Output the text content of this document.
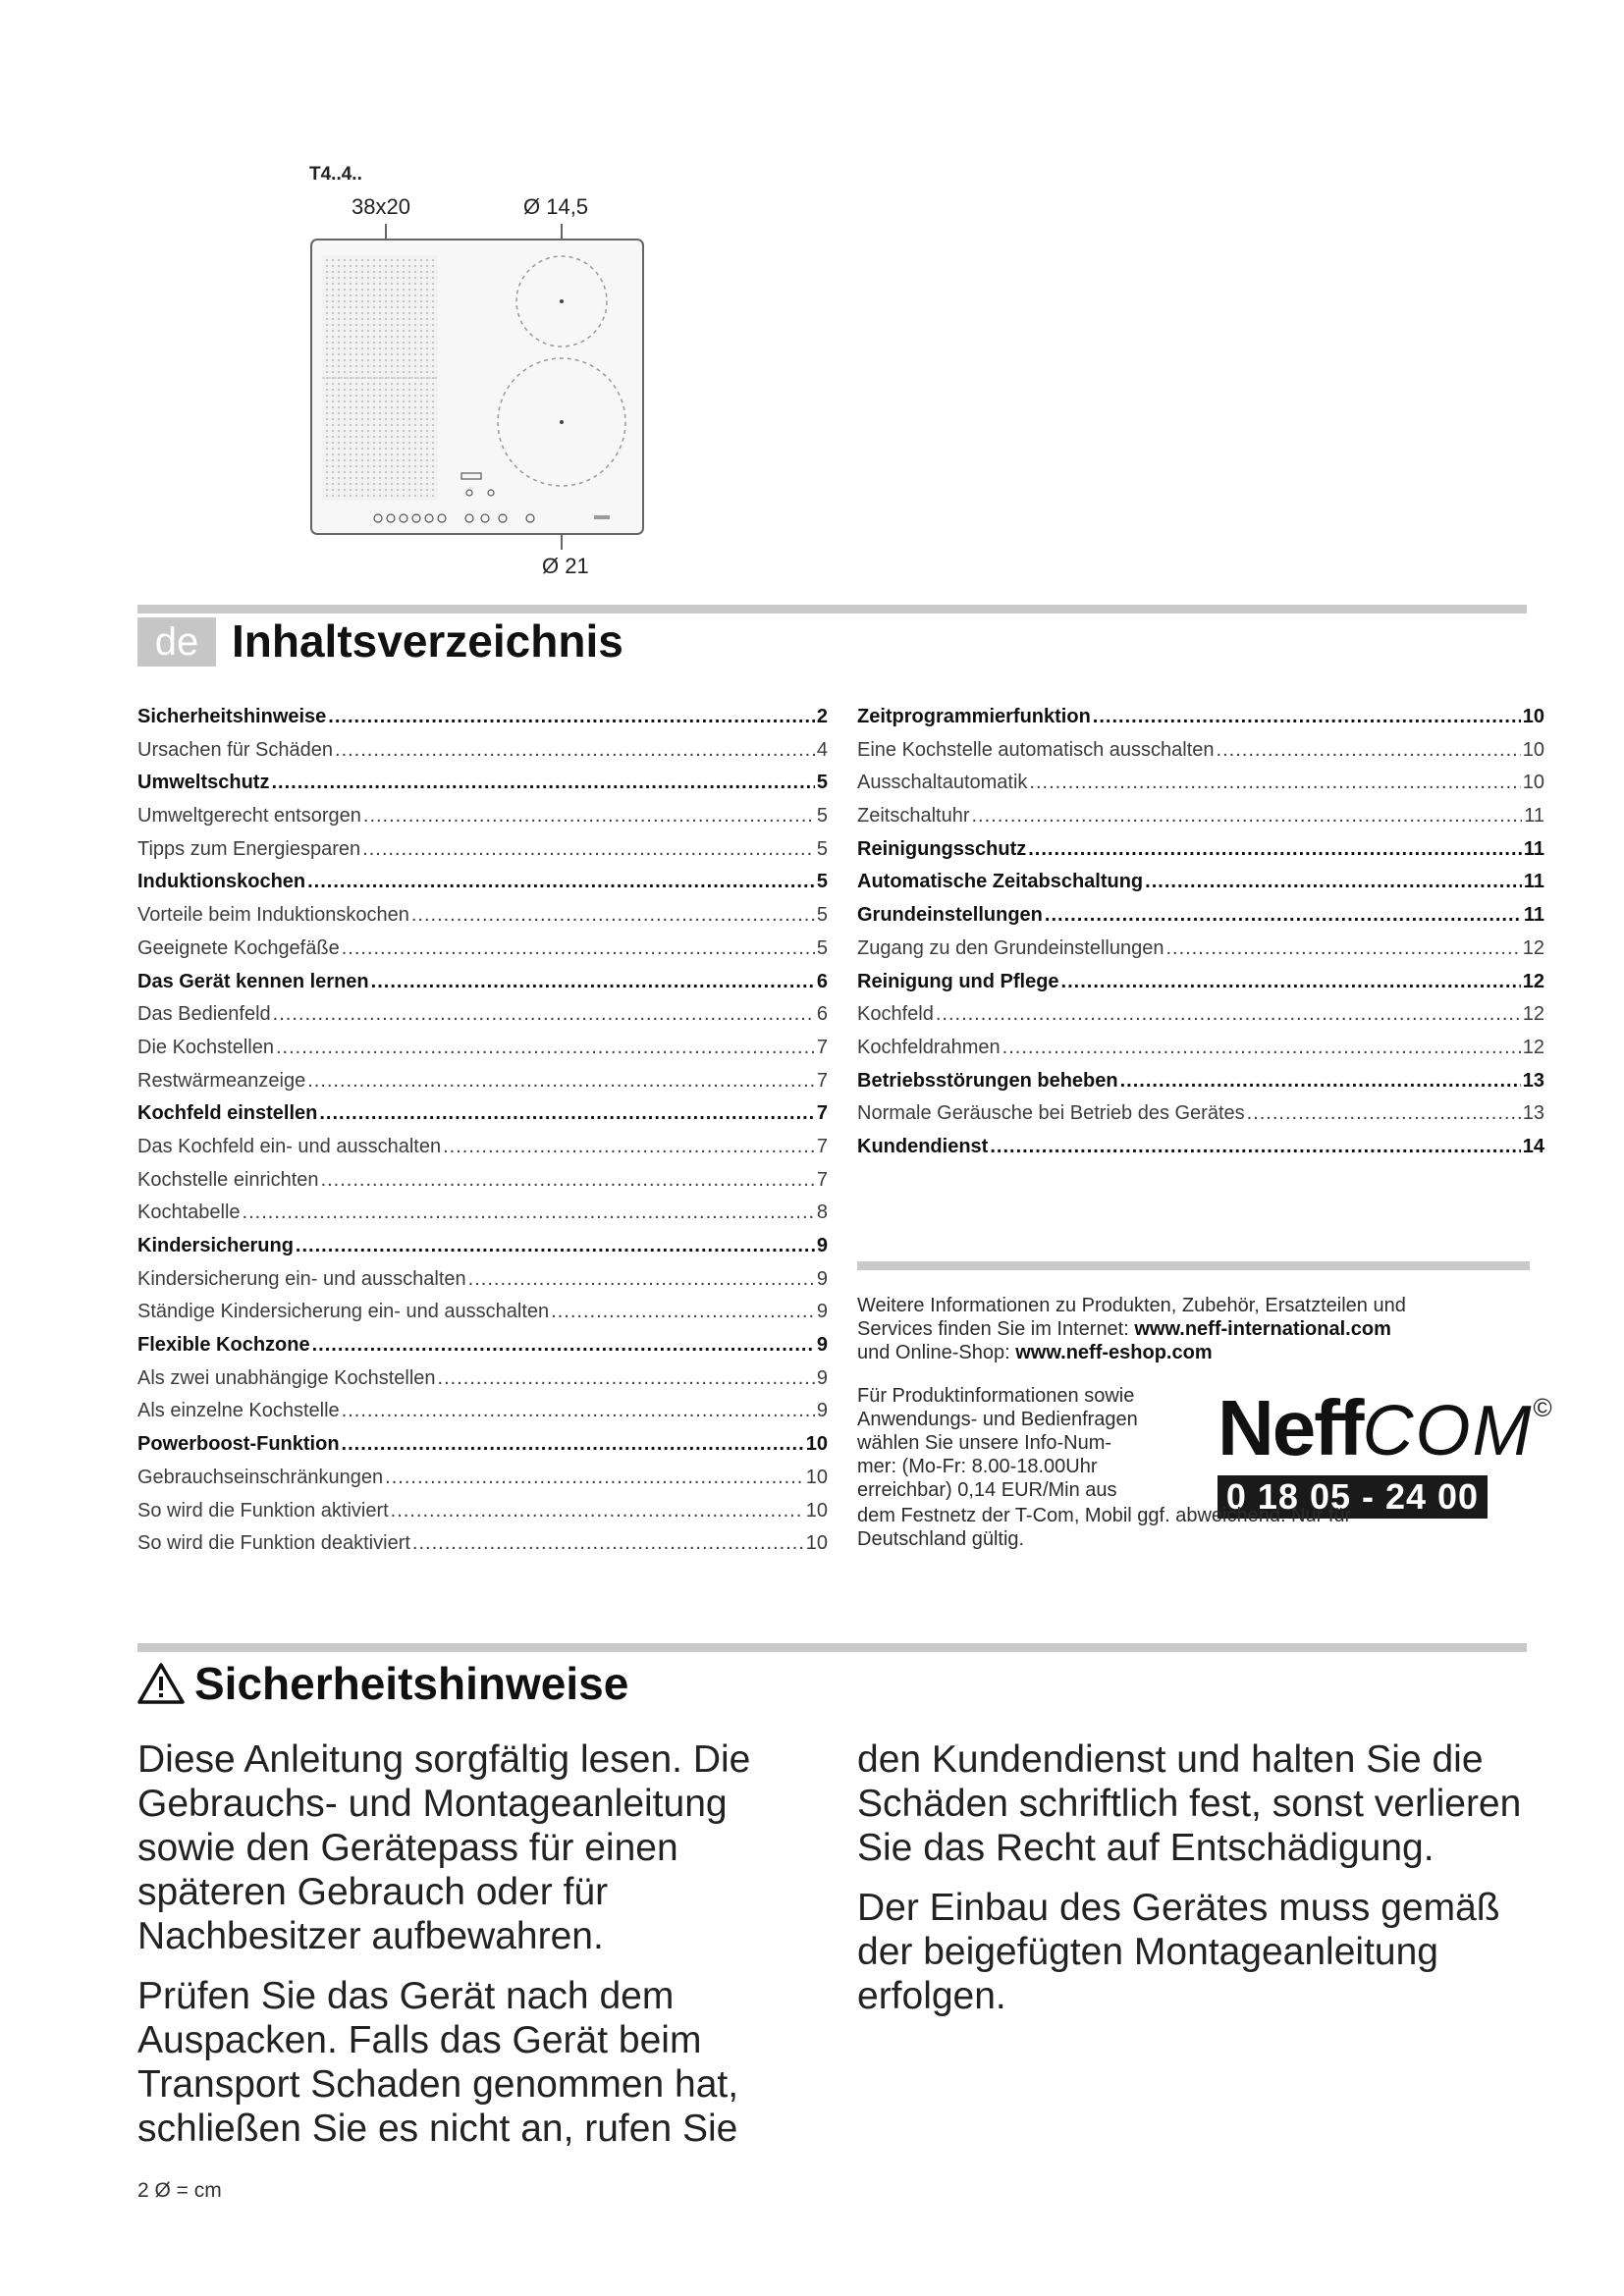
T4..4..
38x20	Ø 14,5
Ø 21
de Inhaltsverzeichnis
Sicherheitshinweise .....	2
Ursachen für Schäden .....	4
Umweltschutz .....	5
Umweltgerecht entsorgen .....	5
Tipps zum Energiesparen .....	5
Induktionskochen .....	5
Vorteile beim Induktionskochen .....	5
Geeignete Kochgefäße .....	5
Das Gerät kennen lernen .....	6
Das Bedienfeld .....	6
Die Kochstellen .....	7
Restwärmeanzeige .....	7
Kochfeld einstellen .....	7
Das Kochfeld ein- und ausschalten .....	7
Kochstelle einrichten .....	7
Kochtabelle .....	8
Kindersicherung .....	9
Kindersicherung ein- und ausschalten .....	9
Ständige Kindersicherung ein- und ausschalten .....	9
Flexible Kochzone .....	9
Als zwei unabhängige Kochstellen .....	9
Als einzelne Kochstelle .....	9
Powerboost-Funktion .....	10
Gebrauchseinschränkungen .....	10
So wird die Funktion aktiviert .....	10
So wird die Funktion deaktiviert .....	10
Zeitprogrammierfunktion .....	10
Eine Kochstelle automatisch ausschalten .....	10
Ausschaltautomatik .....	10
Zeitschaltuhr .....	11
Reinigungsschutz .....	11
Automatische Zeitabschaltung .....	11
Grundeinstellungen .....	11
Zugang zu den Grundeinstellungen .....	12
Reinigung und Pflege .....	12
Kochfeld .....	12
Kochfeldrahmen .....	12
Betriebsstörungen beheben .....	13
Normale Geräusche bei Betrieb des Gerätes .....	13
Kundendienst .....	14
Weitere Informationen zu Produkten, Zubehör, Ersatzteilen und
Services finden Sie im Internet: www.neff-international.com
und Online-Shop: www.neff-eshop.com
Für Produktinformationen sowie
Anwendungs- und Bedienfragen
wählen Sie unsere Info-Num-
mer: (Mo-Fr: 8.00-18.00Uhr
erreichbar) 0,14 EUR/Min aus
NeffCOM©
0 18 05 - 24 00 25
dem Festnetz der T-Com, Mobil ggf. abweichend. Nur für
Deutschland gültig.
Sicherheitshinweise

Diese Anleitung sorgfältig lesen. Die Gebrauchs- und Montageanleitung sowie den Gerätepass für einen späteren Gebrauch oder für Nachbesitzer aufbewahren.

Prüfen Sie das Gerät nach dem Auspacken. Falls das Gerät beim Transport Schaden genommen hat, schließen Sie es nicht an, rufen Sie

den Kundendienst und halten Sie die Schäden schriftlich fest, sonst verlieren Sie das Recht auf Entschädigung.

Der Einbau des Gerätes muss gemäß der beigefügten Montageanleitung erfolgen.

2 Ø = cm
